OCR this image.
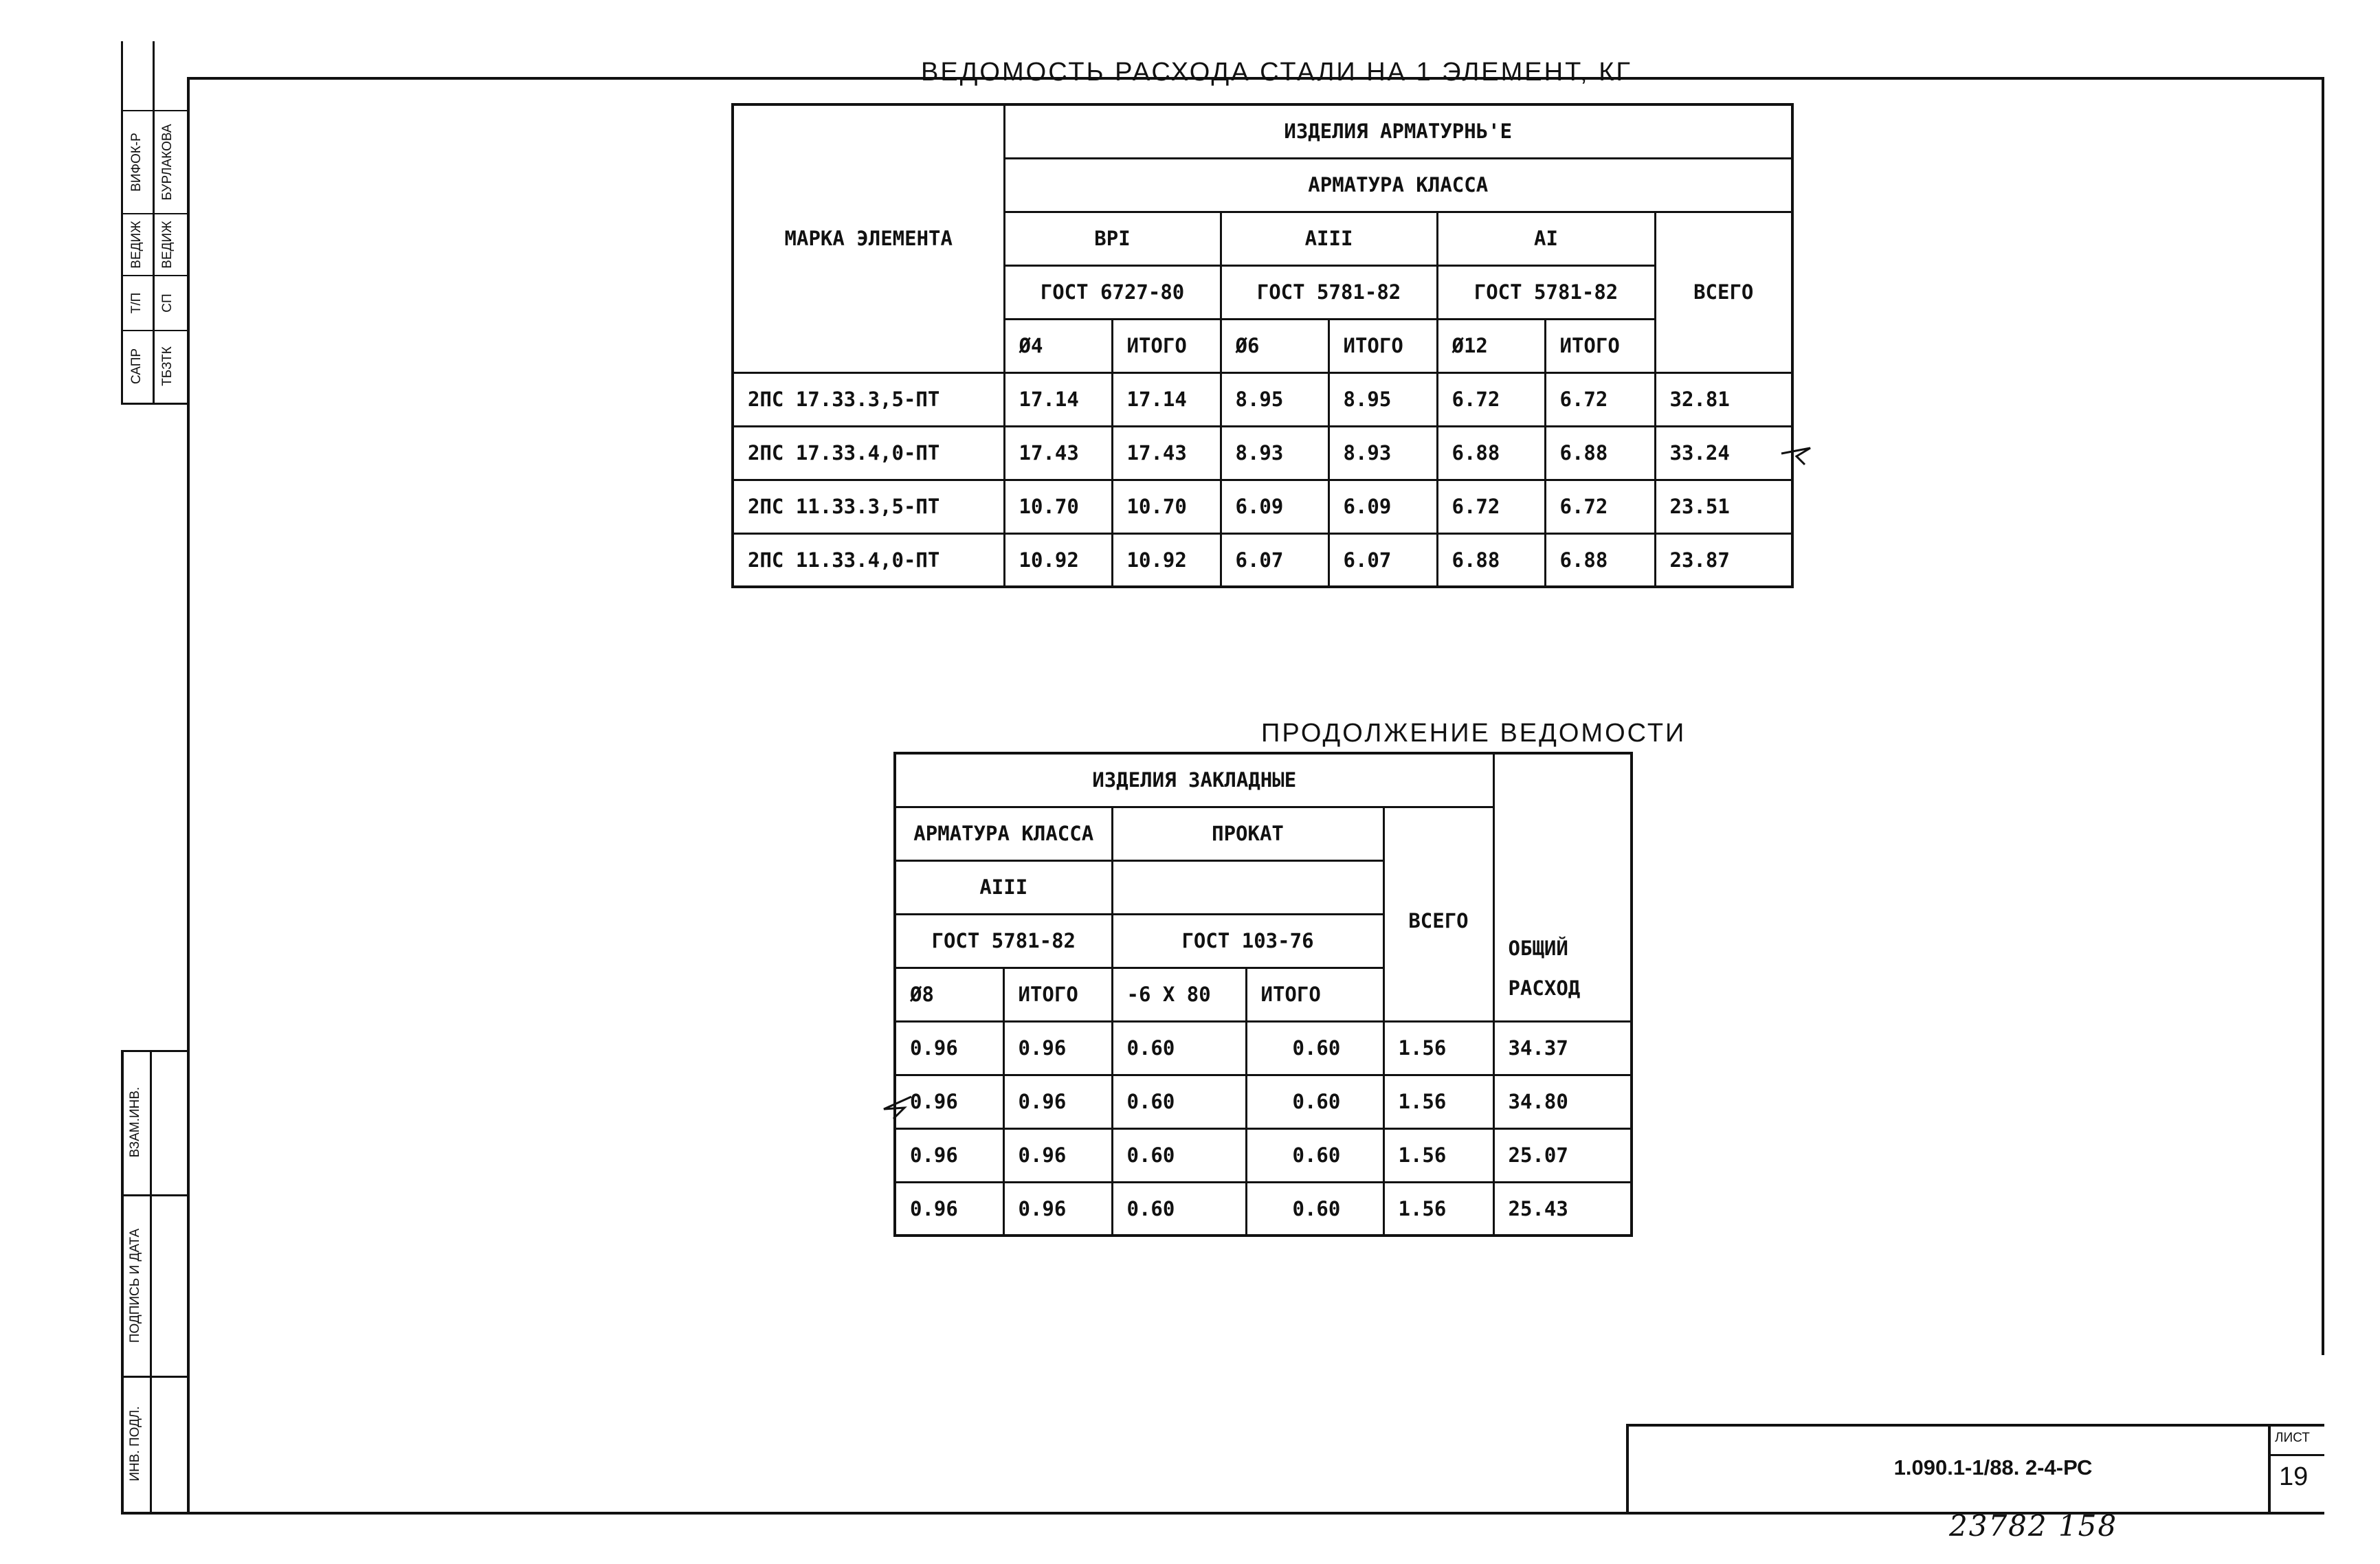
ВИФОК-Р
ВЕДИЖ
Т/П
САПР
БУРЛАКОВА
ВЕДИЖ
СП
ТБЗТК
ВЗАМ.ИНВ.
ПОДПИСЬ И ДАТА
ИНВ. ПОДЛ.
ВЕДОМОСТЬ РАСХОДА СТАЛИ НА 1 ЭЛЕМЕНТ, КГ
ПРОДОЛЖЕНИЕ ВЕДОМОСТИ
МАРКА ЭЛЕМЕНТА	ИЗДЕЛИЯ АРМАТУРНЬ'Е						
	АРМАТУРА КЛАССА						
	ВРI		АIII		АI		ВСЕГО
	ГОСТ 6727-80		ГОСТ 5781-82		ГОСТ 5781-82		
	Ø4	ИТОГО	Ø6	ИТОГО	Ø12	ИТОГО	
2ПС 17.33.3,5-ПТ	17.14	17.14	8.95	8.95	6.72	6.72	32.81
2ПС 17.33.4,0-ПТ	17.43	17.43	8.93	8.93	6.88	6.88	33.24
2ПС 11.33.3,5-ПТ	10.70	10.70	6.09	6.09	6.72	6.72	23.51
2ПС 11.33.4,0-ПТ	10.92	10.92	6.07	6.07	6.88	6.88	23.87
ИЗДЕЛИЯ ЗАКЛАДНЫЕ					ОБЩИЙ
РАСХОД

АРМАТУРА КЛАССА		ПРОКАТ		ВСЕГО	
АIII					
ГОСТ 5781-82		ГОСТ 103-76			
Ø8	ИТОГО	-6 Х 80	ИТОГО		
0.96	0.96	0.60	0.60	1.56	34.37
0.96	0.96	0.60	0.60	1.56	34.80
0.96	0.96	0.60	0.60	1.56	25.07
0.96	0.96	0.60	0.60	1.56	25.43
1.090.1-1/88. 2-4-РС
ЛИСТ
19
23782 158
